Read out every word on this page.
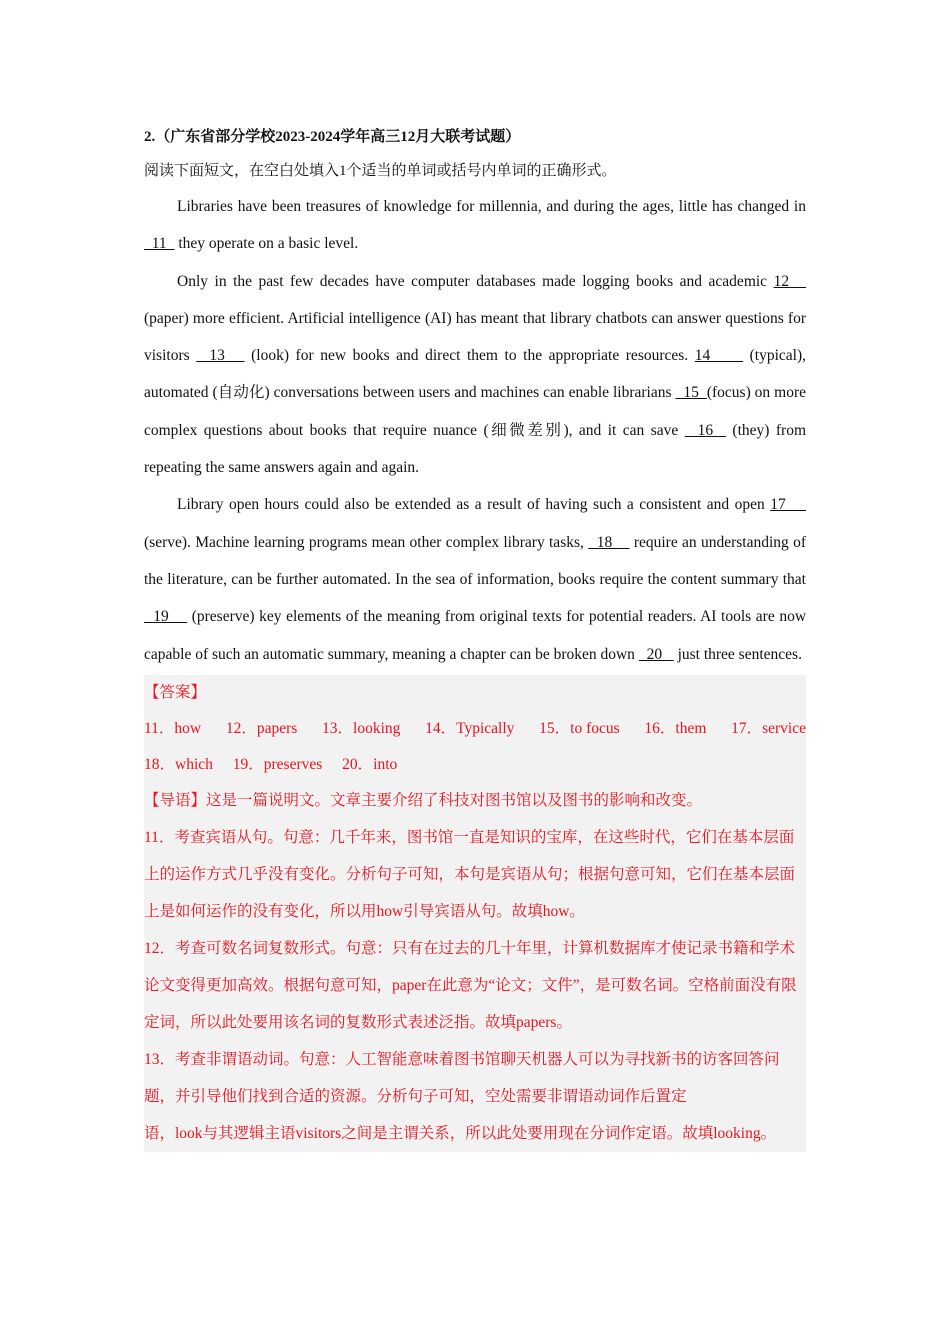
2.（广东省部分学校2023-2024学年高三12月大联考试题）
阅读下面短文，在空白处填入1个适当的单词或括号内单词的正确形式。

Libraries have been treasures of knowledge for millennia, and during the ages, little has changed in   11   they operate on a basic level.

Only in the past few decades have computer databases made logging books and academic 12    (paper) more efficient. Artificial intelligence (AI) has meant that library chatbots can answer questions for visitors   13    (look) for new books and direct them to the appropriate resources. 14      (typical), automated (自动化) conversations between users and machines can enable librarians   15  (focus) on more complex questions about books that require nuance (细微差别), and it can save   16   (they) from repeating the same answers again and again.

Library open hours could also be extended as a result of having such a consistent and open 17     (serve). Machine learning programs mean other complex library tasks,   18     require an understanding of the literature, can be further automated. In the sea of information, books require the content summary that   19     (preserve) key elements of the meaning from original texts for potential readers. AI tools are now capable of such an automatic summary, meaning a chapter can be broken down   20    just three sentences.

【答案】
11．how 12．papers 13．looking 14．Typically 15．to focus 16．them 17．service
18．which 19．preserves 20．into
【导语】这是一篇说明文。文章主要介绍了科技对图书馆以及图书的影响和改变。

11．考查宾语从句。句意：几千年来，图书馆一直是知识的宝库，在这些时代，它们在基本层面上的运作方式几乎没有变化。分析句子可知，本句是宾语从句；根据句意可知，它们在基本层面上是如何运作的没有变化，所以用how引导宾语从句。故填how。

12．考查可数名词复数形式。句意：只有在过去的几十年里，计算机数据库才使记录书籍和学术论文变得更加高效。根据句意可知，paper在此意为“论文；文件”，是可数名词。空格前面没有限定词，所以此处要用该名词的复数形式表述泛指。故填papers。

13．考查非谓语动词。句意：人工智能意味着图书馆聊天机器人可以为寻找新书的访客回答问题，并引导他们找到合适的资源。分析句子可知，空处需要非谓语动词作后置定
语，look与其逻辑主语visitors之间是主谓关系，所以此处要用现在分词作定语。故填looking。
